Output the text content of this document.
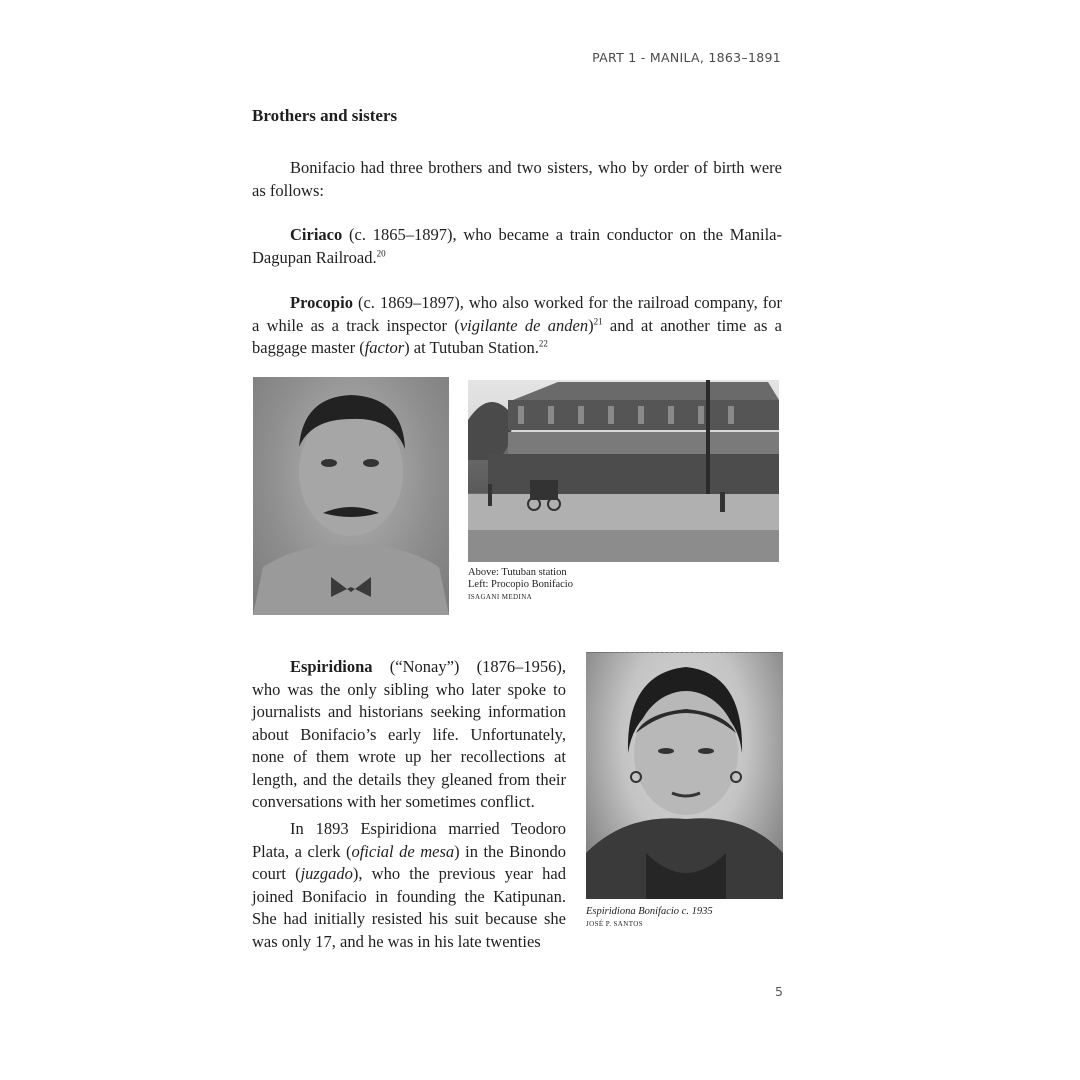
PART 1 - MANILA, 1863–1891
Brothers and sisters

Bonifacio had three brothers and two sisters, who by order of birth were as follows:

Ciriaco (c. 1865–1897), who became a train conductor on the Manila-Dagupan Railroad.$^{20}$

Procopio (c. 1869–1897), who also worked for the railroad company, for a while as a track inspector (vigilante de anden)$^{21}$ and at another time as a baggage master (factor) at Tutuban Station.$^{22}$

Above: Tutuban station
Left: Procopio Bonifacio
ISAGANI MEDINA

Espiridiona (“Nonay”) (1876–1956), who was the only sibling who later spoke to journalists and historians seeking information about Bonifacio’s early life. Unfortunately, none of them wrote up her recollections at length, and the details they gleaned from their conversations with her sometimes conflict.

In 1893 Espiridiona married Teodoro Plata, a clerk (oficial de mesa) in the Binondo court (juzgado), who the previous year had joined Bonifacio in founding the Katipunan. She had initially resisted his suit because she was only 17, and he was in his late twenties

Espiridiona Bonifacio c. 1935
JOSÉ P. SANTOS

5
